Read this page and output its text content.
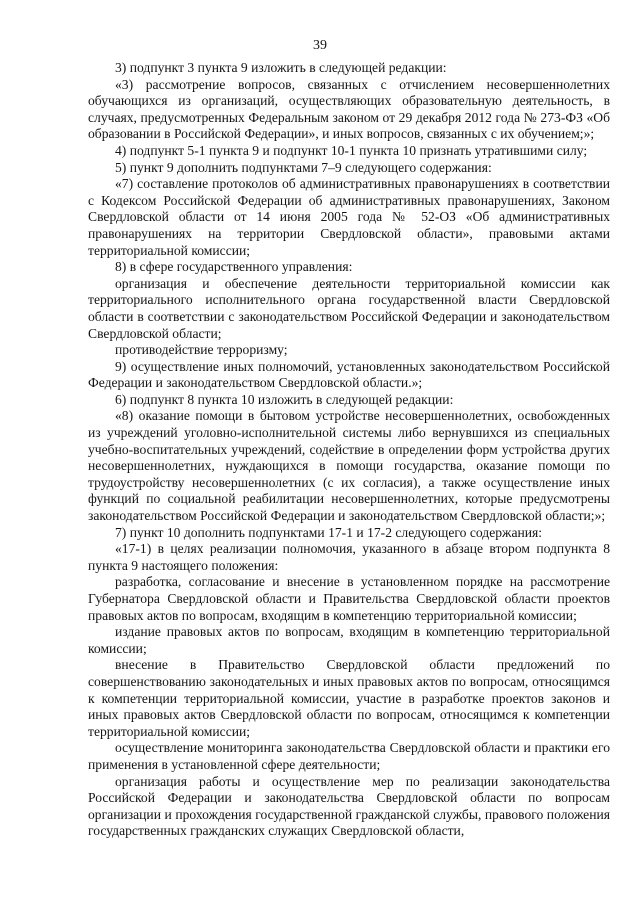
39

3) подпункт 3 пункта 9 изложить в следующей редакции:

«3) рассмотрение вопросов, связанных с отчислением несовершеннолетних обучающихся из организаций, осуществляющих образовательную деятельность, в случаях, предусмотренных Федеральным законом от 29 декабря 2012 года № 273-ФЗ «Об образовании в Российской Федерации», и иных вопросов, связанных с их обучением;»;

4) подпункт 5-1 пункта 9 и подпункт 10-1 пункта 10 признать утратившими силу;

5) пункт 9 дополнить подпунктами 7–9 следующего содержания:

«7) составление протоколов об административных правонарушениях в соответствии с Кодексом Российской Федерации об административных правонарушениях, Законом Свердловской области от 14 июня 2005 года № 52-ОЗ «Об административных правонарушениях на территории Свердловской области», правовыми актами территориальной комиссии;

8) в сфере государственного управления:

организация и обеспечение деятельности территориальной комиссии как территориального исполнительного органа государственной власти Свердловской области в соответствии с законодательством Российской Федерации и законодательством Свердловской области;

противодействие терроризму;

9) осуществление иных полномочий, установленных законодательством Российской Федерации и законодательством Свердловской области.»;

6) подпункт 8 пункта 10 изложить в следующей редакции:

«8) оказание помощи в бытовом устройстве несовершеннолетних, освобожденных из учреждений уголовно-исполнительной системы либо вернувшихся из специальных учебно-воспитательных учреждений, содействие в определении форм устройства других несовершеннолетних, нуждающихся в помощи государства, оказание помощи по трудоустройству несовершеннолетних (с их согласия), а также осуществление иных функций по социальной реабилитации несовершеннолетних, которые предусмотрены законодательством Российской Федерации и законодательством Свердловской области;»;

7) пункт 10 дополнить подпунктами 17-1 и 17-2 следующего содержания:

«17-1) в целях реализации полномочия, указанного в абзаце втором подпункта 8 пункта 9 настоящего положения:

разработка, согласование и внесение в установленном порядке на рассмотрение Губернатора Свердловской области и Правительства Свердловской области проектов правовых актов по вопросам, входящим в компетенцию территориальной комиссии;

издание правовых актов по вопросам, входящим в компетенцию территориальной комиссии;

внесение в Правительство Свердловской области предложений по совершенствованию законодательных и иных правовых актов по вопросам, относящимся к компетенции территориальной комиссии, участие в разработке проектов законов и иных правовых актов Свердловской области по вопросам, относящимся к компетенции территориальной комиссии;

осуществление мониторинга законодательства Свердловской области и практики его применения в установленной сфере деятельности;

организация работы и осуществление мер по реализации законодательства Российской Федерации и законодательства Свердловской области по вопросам организации и прохождения государственной гражданской службы, правового положения государственных гражданских служащих Свердловской области,
